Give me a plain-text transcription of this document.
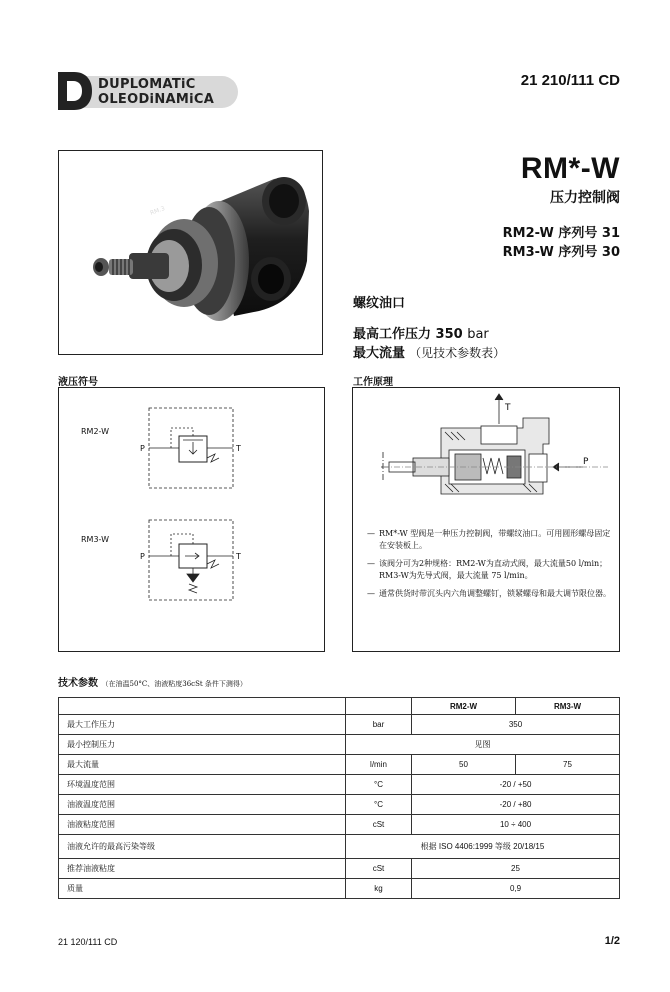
DUPLOMATiC
OLEODiNAMiCA
21 210/111 CD
RM.3
RM*-W
压力控制阀
RM2-W 序列号 31
RM3-W 序列号 30
螺纹油口
最高工作压力 350 bar
最大流量 （见技术参数表）
液压符号
RM2-W
P	T
RM3-W
P	T
工作原理
T
P
— RM*-W 型阀是一种压力控制阀，带螺纹油口。可用圆形螺母固定在安装板上。
— 该阀分可为2种规格：RM2-W为直动式阀，最大流量50 l/min；RM3-W为先导式阀，最大流量 75 l/min。
— 通常供货时带沉头内六角调整螺钉，锁紧螺母和最大调节限位器。
技术参数 （在油温50°C、油液粘度36cSt 条件下测得）
		RM2-W	RM3-W
最大工作压力	bar	350	
最小控制压力	见图		
最大流量	l/min	50	75
环境温度范围	°C	-20 / +50	
油液温度范围	°C	-20 / +80	
油液粘度范围	cSt	10 ÷ 400	
油液允许的最高污染等级	根据 ISO 4406:1999 等级 20/18/15		
推荐油液粘度	cSt	25	
质量	kg	0,9	
21 120/111 CD	1/2
